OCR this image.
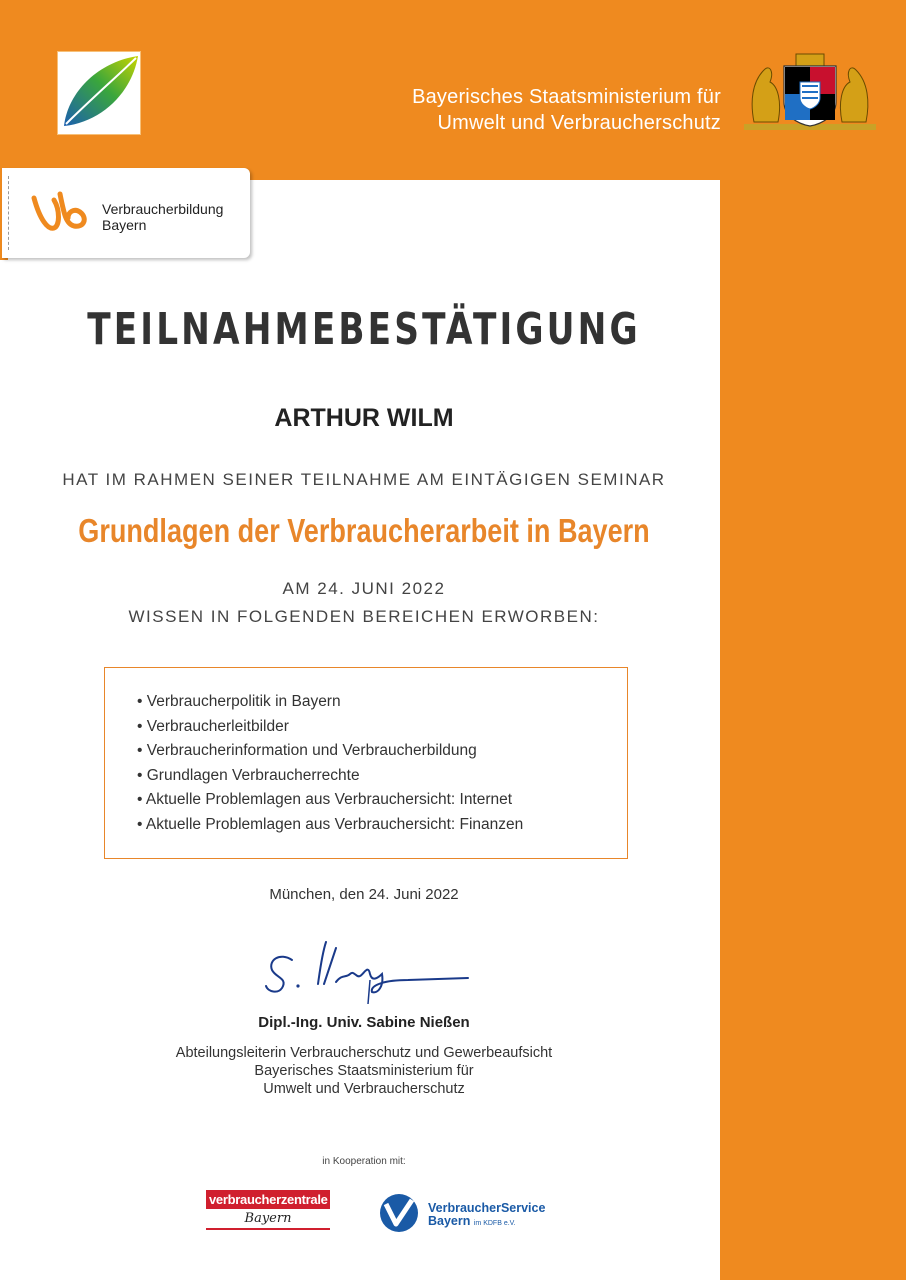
Bayerisches Staatsministerium für
Umwelt und Verbraucherschutz
Verbraucherbildung
Bayern
TEILNAHMEBESTÄTIGUNG
ARTHUR WILM
HAT IM RAHMEN SEINER TEILNAHME AM EINTÄGIGEN SEMINAR
Grundlagen der Verbraucherarbeit in Bayern
AM 24. JUNI 2022
WISSEN IN FOLGENDEN BEREICHEN ERWORBEN:
• Verbraucherpolitik in Bayern
• Verbraucherleitbilder
• Verbraucherinformation und Verbraucherbildung
• Grundlagen Verbraucherrechte
• Aktuelle Problemlagen aus Verbrauchersicht: Internet
• Aktuelle Problemlagen aus Verbrauchersicht: Finanzen
München, den 24. Juni 2022
Dipl.-Ing. Univ. Sabine Nießen
Abteilungsleiterin Verbraucherschutz und Gewerbeaufsicht
Bayerisches Staatsministerium für
Umwelt und Verbraucherschutz
in Kooperation mit:
verbraucherzentrale
Bayern
VerbraucherService
Bayern im KDFB e.V.
